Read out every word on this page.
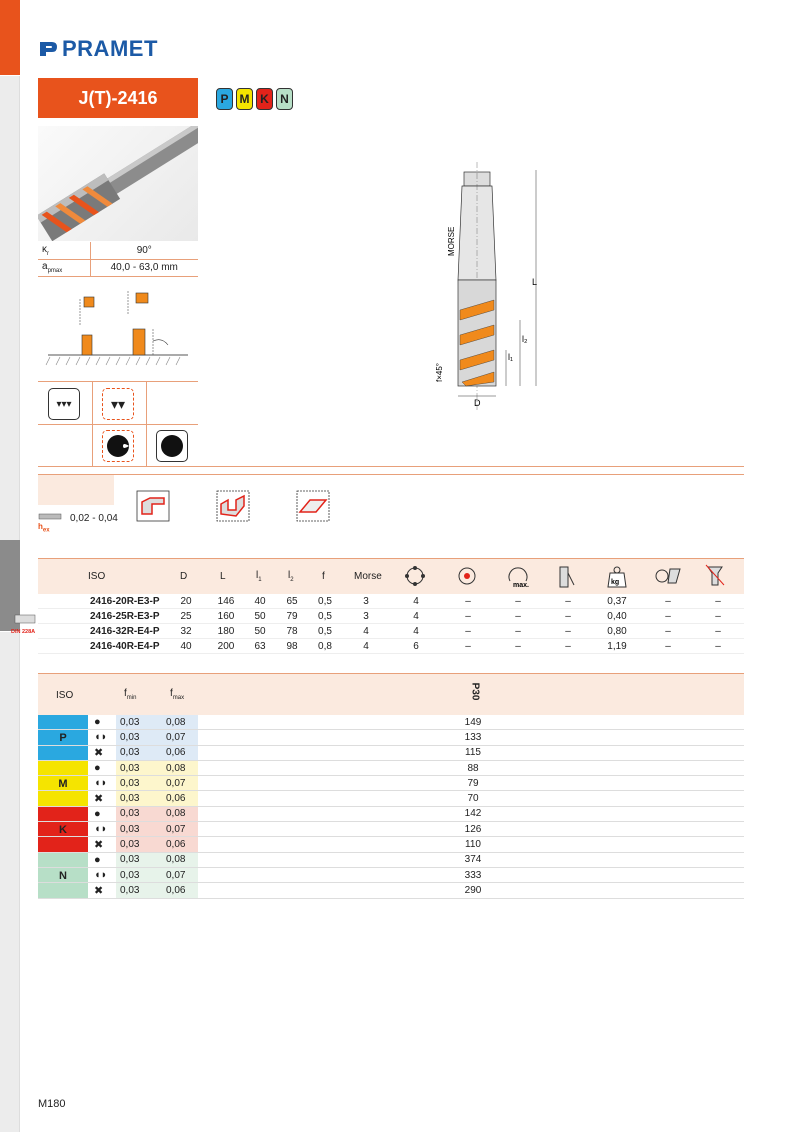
PRAMET
J(T)-2416	P M K N
$\kappa_r$	90°
$a_{pmax}$	40,0 - 63,0 mm
▾▾▾	▾▾
$h_{ex}$
0,02 - 0,04
D
L
l₂
l₁
MORSE
f×45°
ISO	D	L	$l_1$	$l_2$	f	Morse
max.	kg
2416-20R-E3-P	20	146	40	65	0,5	3	4	–	–	–	0,37	–	–
2416-25R-E3-P	25	160	50	79	0,5	3	4	–	–	–	0,40	–	–
2416-32R-E4-P	32	180	50	78	0,5	4	4	–	–	–	0,80	–	–
2416-40R-E4-P	40	200	63	98	0,8	4	6	–	–	–	1,19	–	–
DIN 228A
ISO	$f_{min}$	$f_{max}$	P30
P
●	0,03	0,08	149
◖◗	0,03	0,07	133
✖	0,03	0,06	115
M
●	0,03	0,08	88
◖◗	0,03	0,07	79
✖	0,03	0,06	70
K
●	0,03	0,08	142
◖◗	0,03	0,07	126
✖	0,03	0,06	110
N
●	0,03	0,08	374
◖◗	0,03	0,07	333
✖	0,03	0,06	290
M180
